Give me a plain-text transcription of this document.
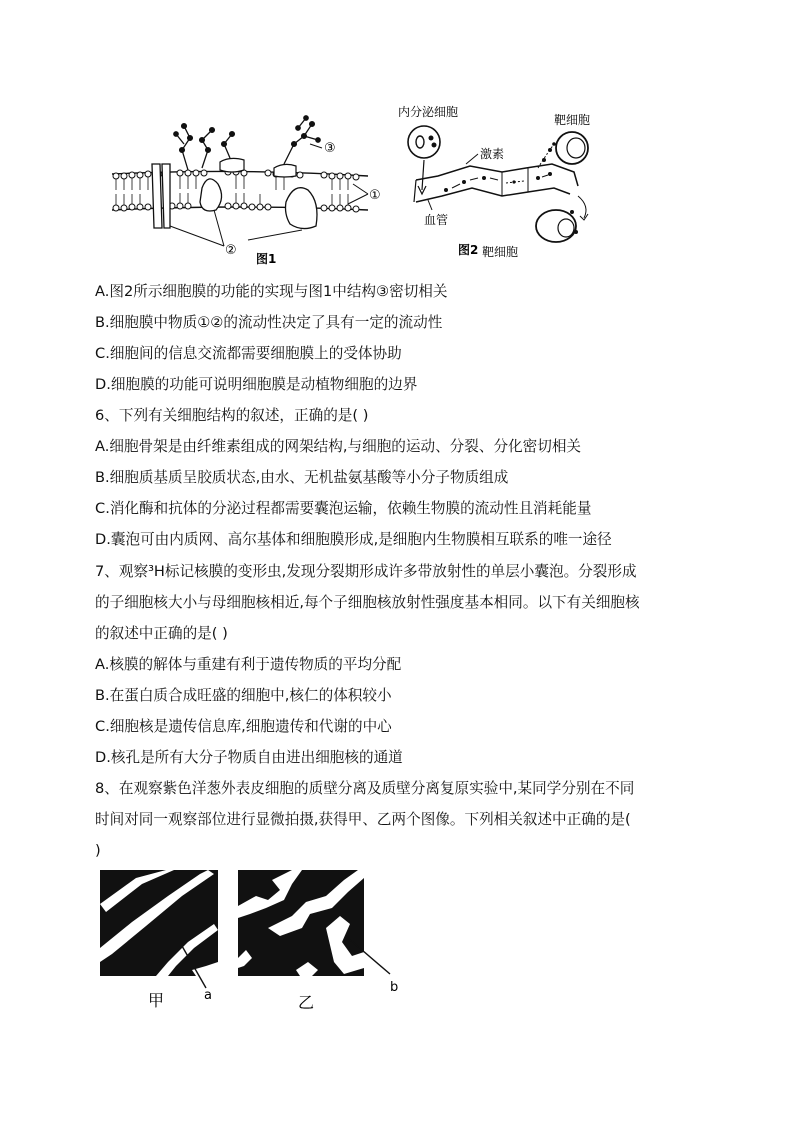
③
①
②
图1
内分泌细胞
激素
靶细胞
血管
图2 靶细胞
A.图2所示细胞膜的功能的实现与图1中结构③密切相关
B.细胞膜中物质①②的流动性决定了具有一定的流动性
C.细胞间的信息交流都需要细胞膜上的受体协助
D.细胞膜的功能可说明细胞膜是动植物细胞的边界
6、下列有关细胞结构的叙述，正确的是( )
A.细胞骨架是由纤维素组成的网架结构,与细胞的运动、分裂、分化密切相关
B.细胞质基质呈胶质状态,由水、无机盐氨基酸等小分子物质组成
C.消化酶和抗体的分泌过程都需要囊泡运输，依赖生物膜的流动性且消耗能量
D.囊泡可由内质网、高尔基体和细胞膜形成,是细胞内生物膜相互联系的唯一途径
7、观察³H标记核膜的变形虫,发现分裂期形成许多带放射性的单层小囊泡。分裂形成
的子细胞核大小与母细胞核相近,每个子细胞核放射性强度基本相同。以下有关细胞核
的叙述中正确的是( )
A.核膜的解体与重建有利于遗传物质的平均分配
B.在蛋白质合成旺盛的细胞中,核仁的体积较小
C.细胞核是遗传信息库,细胞遗传和代谢的中心
D.核孔是所有大分子物质自由进出细胞核的通道
8、在观察紫色洋葱外表皮细胞的质壁分离及质壁分离复原实验中,某同学分别在不同
时间对同一观察部位进行显微拍摄,获得甲、乙两个图像。下列相关叙述中正确的是(
)
甲	a	乙
b
